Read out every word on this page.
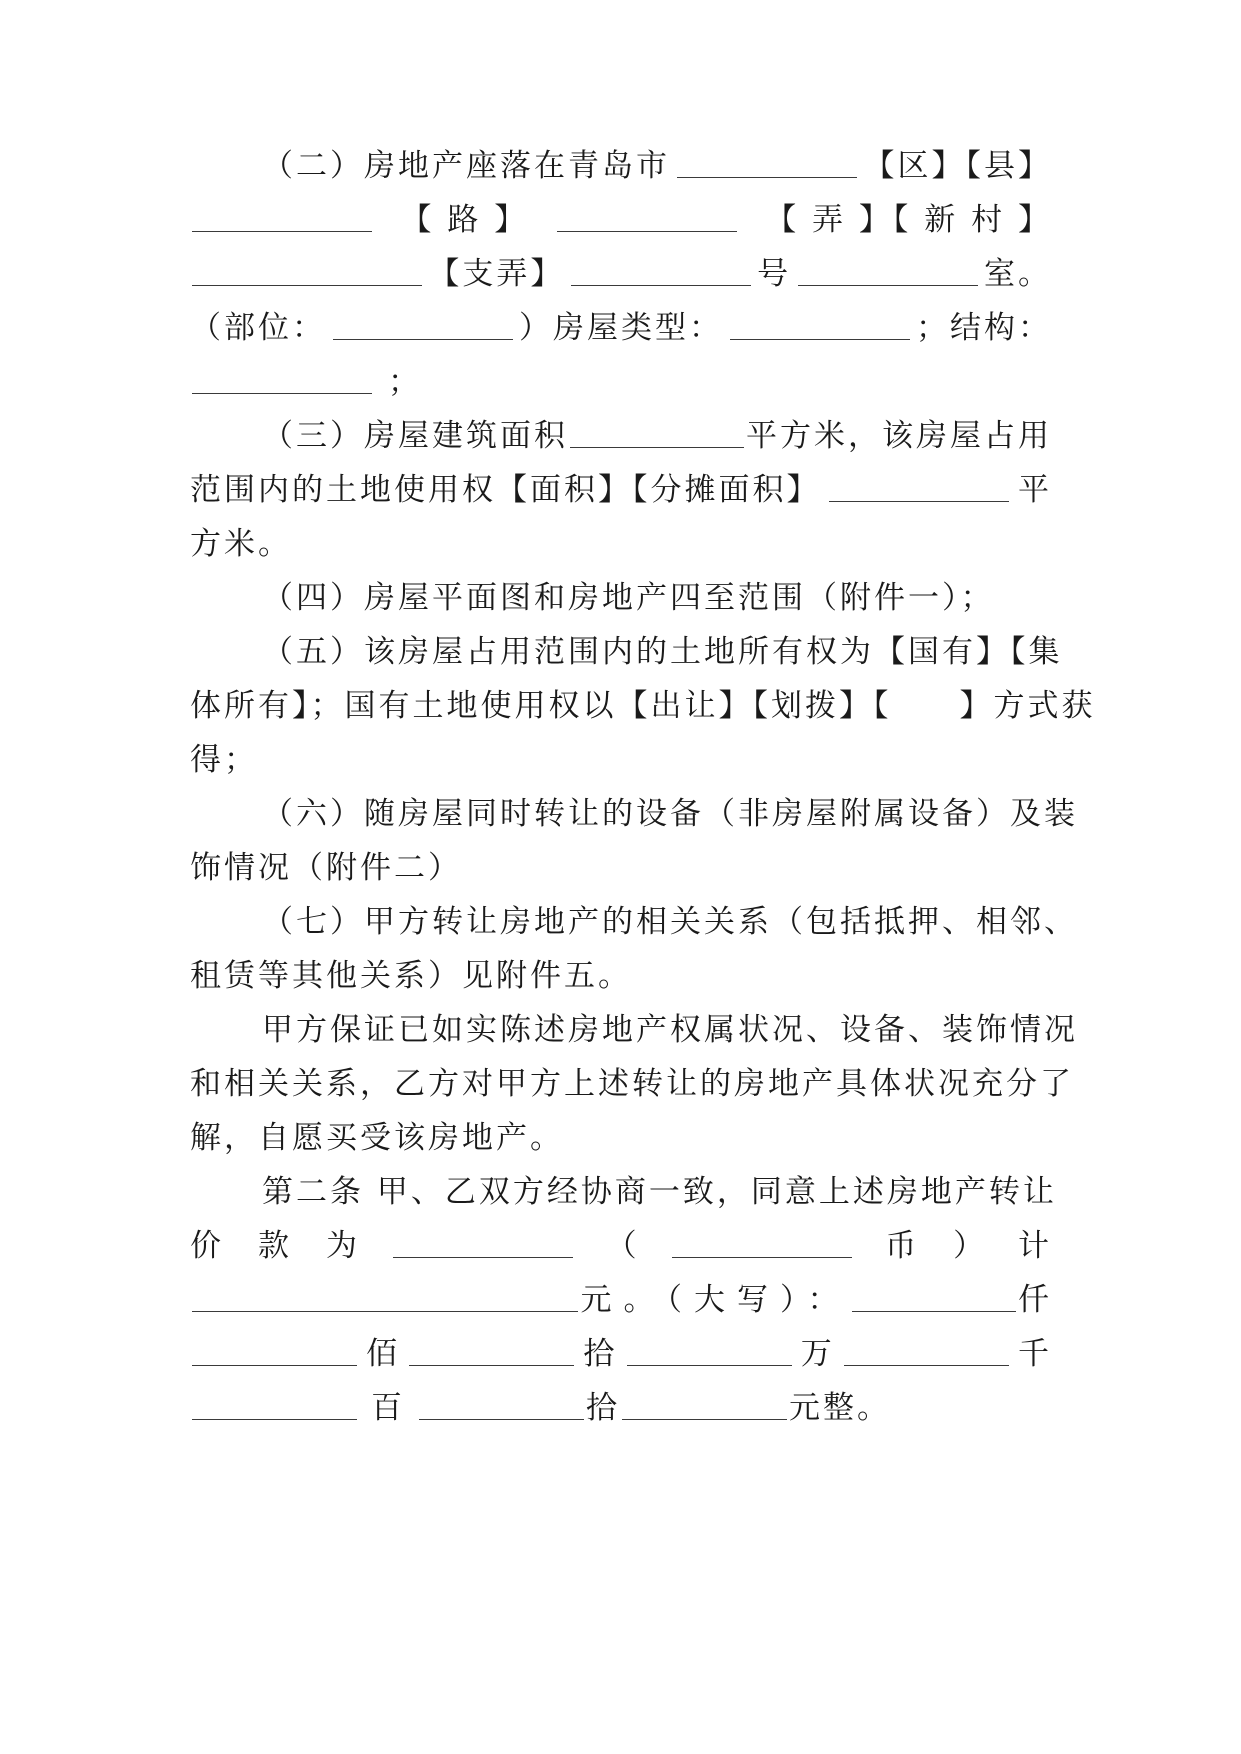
（二）房地产座落在青岛市	【区】【县】
【 路 】	【 弄 】【 新 村 】
【支弄】	号	室。
（部位：	）房屋类型：	；结构：
；
（三）房屋建筑面积	平方米，该房屋占用
范围内的土地使用权【面积】【分摊面积】	平
方米。
（四）房屋平面图和房地产四至范围（附件一）；
（五）该房屋占用范围内的土地所有权为【国有】【集
体所有】；国有土地使用权以【出让】【划拨】【　　】方式获
得；
（六）随房屋同时转让的设备（非房屋附属设备）及装
饰情况（附件二）
（七）甲方转让房地产的相关关系（包括抵押、相邻、
租赁等其他关系）见附件五。
甲方保证已如实陈述房地产权属状况、设备、装饰情况
和相关关系，乙方对甲方上述转让的房地产具体状况充分了
解，自愿买受该房地产。
第二条 甲、乙双方经协商一致，同意上述房地产转让
价　款　为	（	币　） 计
元。（大写）：	仟
佰	拾	万	千
百	拾	元整。
